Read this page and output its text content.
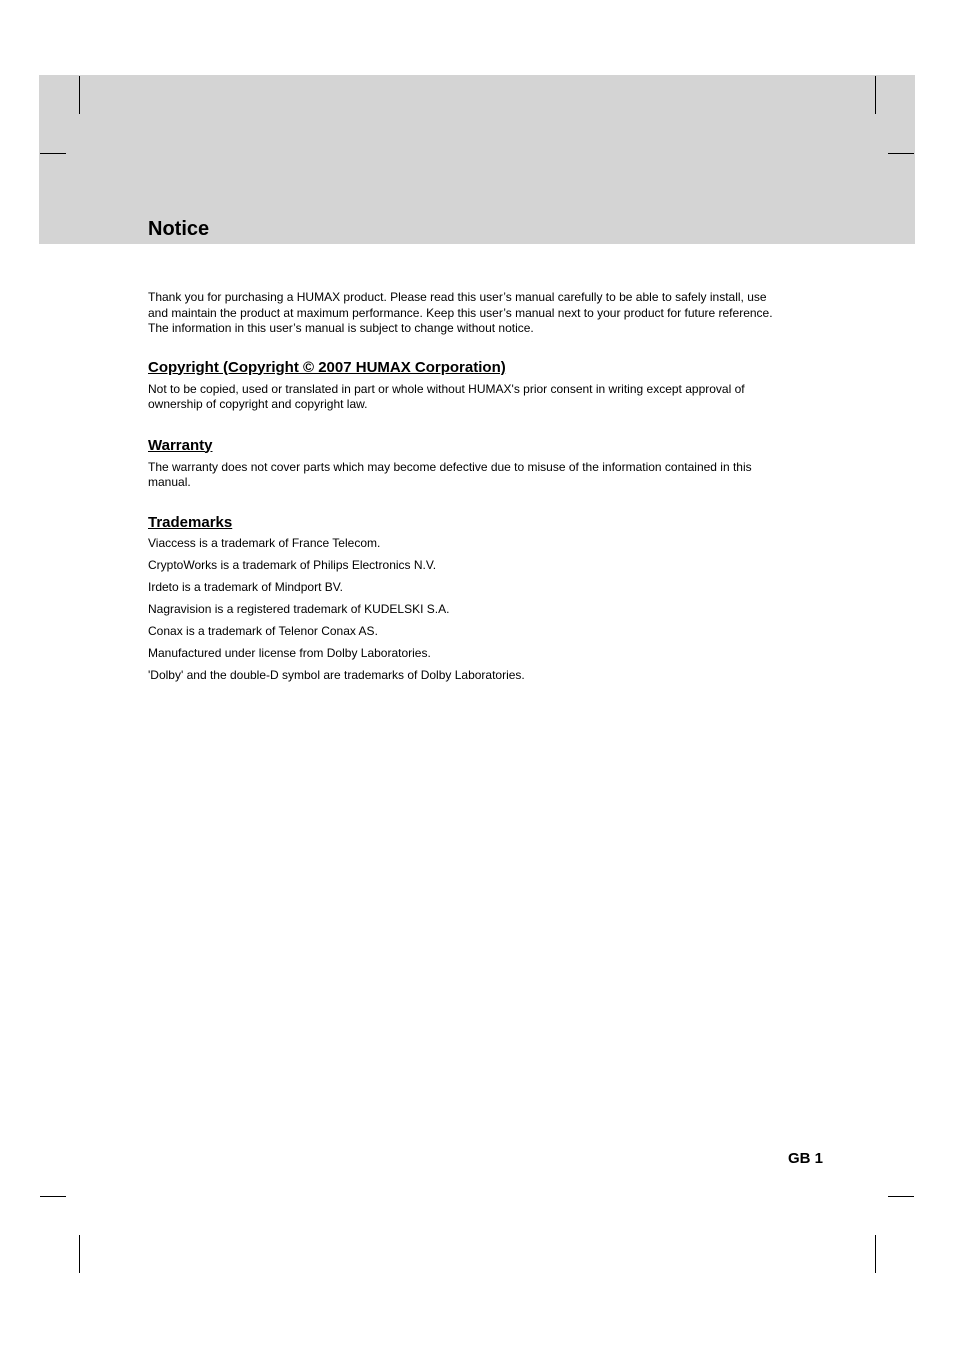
Notice

Thank you for purchasing a HUMAX product. Please read this user’s manual carefully to be able to safely install, use
and maintain the product at maximum performance. Keep this user’s manual next to your product for future reference.
The information in this user’s manual is subject to change without notice.

Copyright (Copyright © 2007 HUMAX Corporation)

Not to be copied, used or translated in part or whole without HUMAX's prior consent in writing except approval of
ownership of copyright and copyright law.

Warranty

The warranty does not cover parts which may become defective due to misuse of the information contained in this
manual.

Trademarks
Viaccess is a trademark of France Telecom.
CryptoWorks is a trademark of Philips Electronics N.V.
Irdeto is a trademark of Mindport BV.
Nagravision is a registered trademark of KUDELSKI S.A.
Conax is a trademark of Telenor Conax AS.
Manufactured under license from Dolby Laboratories.
'Dolby' and the double-D symbol are trademarks of Dolby Laboratories.
GB 1
